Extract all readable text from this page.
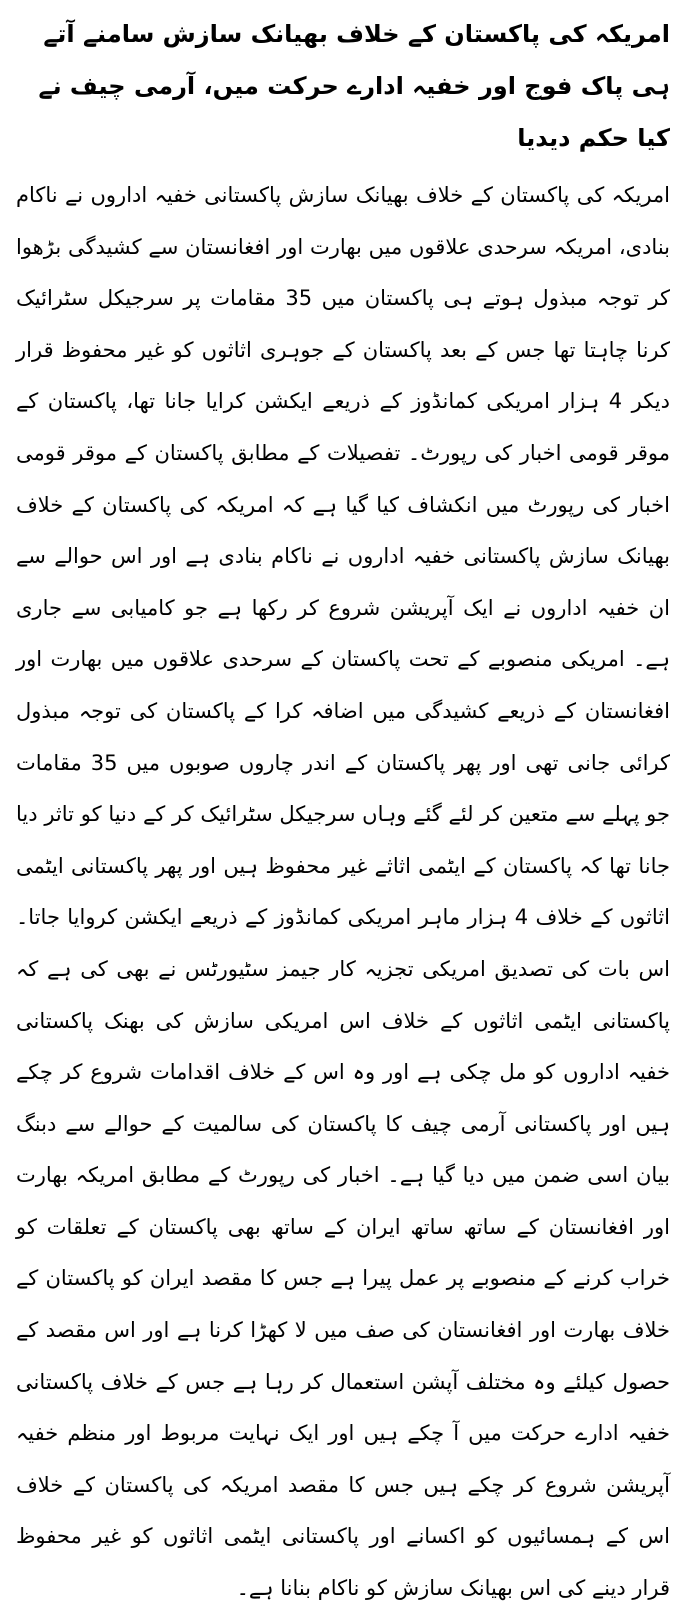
امریکہ کی پاکستان کے خلاف بھیانک سازش سامنے آتے ہی پاک فوج اور خفیہ ادارے حرکت میں، آرمی چیف نے کیا حکم دیدیا

امریکہ کی پاکستان کے خلاف بھیانک سازش پاکستانی خفیہ اداروں نے ناکام بنادی، امریکہ سرحدی علاقوں میں بھارت اور افغانستان سے کشیدگی بڑھوا کر توجہ مبذول ہوتے ہی پاکستان میں 35 مقامات پر سرجیکل سٹرائیک کرنا چاہتا تھا جس کے بعد پاکستان کے جوہری اثاثوں کو غیر محفوظ قرار دیکر 4 ہزار امریکی کمانڈوز کے ذریعے ایکشن کرایا جانا تھا، پاکستان کے موقر قومی اخبار کی رپورٹ۔ تفصیلات کے مطابق پاکستان کے موقر قومی اخبار کی رپورٹ میں انکشاف کیا گیا ہے کہ امریکہ کی پاکستان کے خلاف بھیانک سازش پاکستانی خفیہ اداروں نے ناکام بنادی ہے اور اس حوالے سے ان خفیہ اداروں نے ایک آپریشن شروع کر رکھا ہے جو کامیابی سے جاری ہے۔ امریکی منصوبے کے تحت پاکستان کے سرحدی علاقوں میں بھارت اور افغانستان کے ذریعے کشیدگی میں اضافہ کرا کے پاکستان کی توجہ مبذول کرائی جانی تھی اور پھر پاکستان کے اندر چاروں صوبوں میں 35 مقامات جو پہلے سے متعین کر لئے گئے وہاں سرجیکل سٹرائیک کر کے دنیا کو تاثر دیا جانا تھا کہ پاکستان کے ایٹمی اثاثے غیر محفوظ ہیں اور پھر پاکستانی ایٹمی اثاثوں کے خلاف 4 ہزار ماہر امریکی کمانڈوز کے ذریعے ایکشن کروایا جاتا۔ اس بات کی تصدیق امریکی تجزیہ کار جیمز سٹیورٹس نے بھی کی ہے کہ پاکستانی ایٹمی اثاثوں کے خلاف اس امریکی سازش کی بھنک پاکستانی خفیہ اداروں کو مل چکی ہے اور وہ اس کے خلاف اقدامات شروع کر چکے ہیں اور پاکستانی آرمی چیف کا پاکستان کی سالمیت کے حوالے سے دبنگ بیان اسی ضمن میں دیا گیا ہے۔ اخبار کی رپورٹ کے مطابق امریکہ بھارت اور افغانستان کے ساتھ ساتھ ایران کے ساتھ بھی پاکستان کے تعلقات کو خراب کرنے کے منصوبے پر عمل پیرا ہے جس کا مقصد ایران کو پاکستان کے خلاف بھارت اور افغانستان کی صف میں لا کھڑا کرنا ہے اور اس مقصد کے حصول کیلئے وہ مختلف آپشن استعمال کر رہا ہے جس کے خلاف پاکستانی خفیہ ادارے حرکت میں آ چکے ہیں اور ایک نہایت مربوط اور منظم خفیہ آپریشن شروع کر چکے ہیں جس کا مقصد امریکہ کی پاکستان کے خلاف اس کے ہمسائیوں کو اکسانے اور پاکستانی ایٹمی اثاثوں کو غیر محفوظ قرار دینے کی اس بھیانک سازش کو ناکام بنانا ہے۔
